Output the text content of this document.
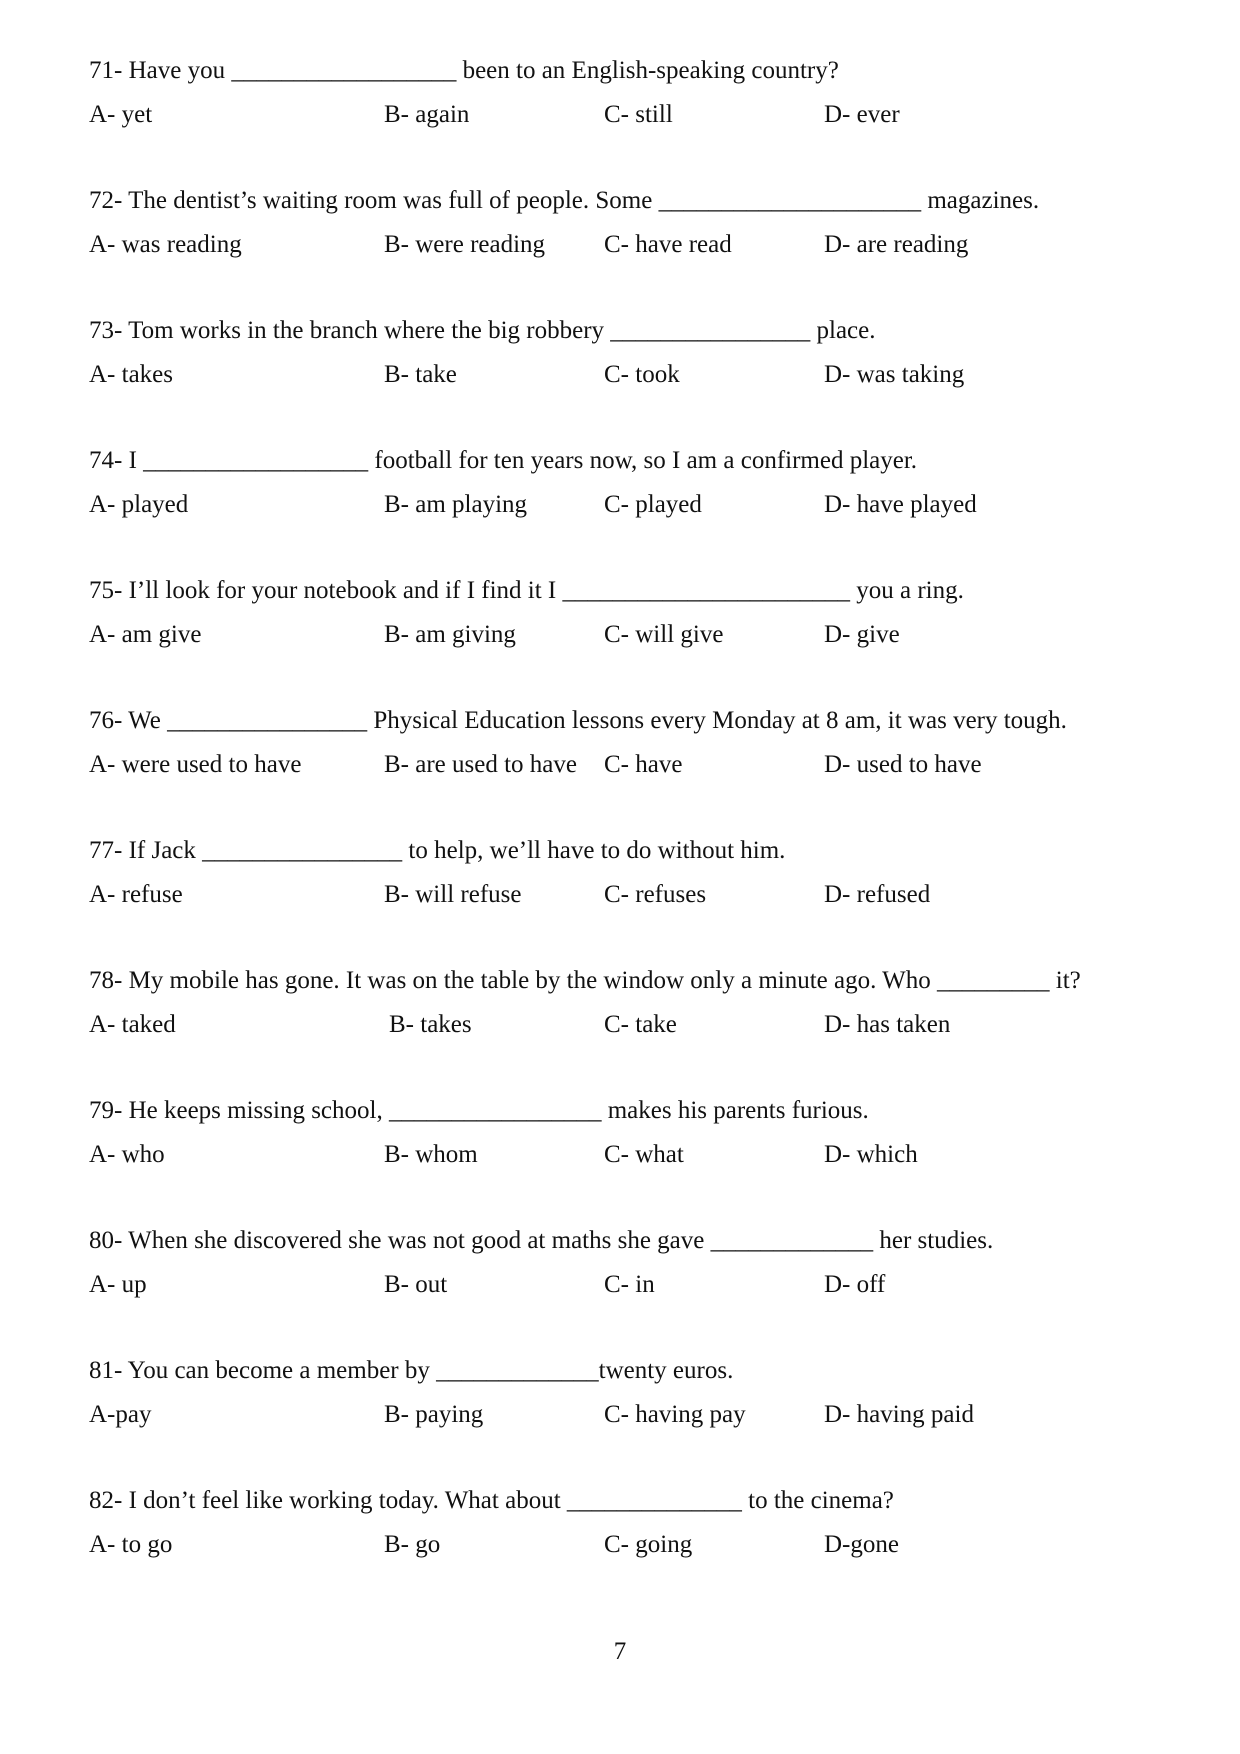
71- Have you __________________ been to an English-speaking country?
A- yet	B- again	C- still	D- ever
72- The dentist’s waiting room was full of people. Some _____________________ magazines.
A- was reading	B- were reading C- have read	D- are reading
73- Tom works in the branch where the big robbery ________________ place.
A- takes	B- take	C- took	D- was taking
74- I __________________ football for ten years now, so I am a confirmed player.
A- played	B- am playing	C- played	D- have played
75- I’ll look for your notebook and if I find it I _______________________ you a ring.
A- am give	B- am giving	C- will give	D- give
76- We ________________ Physical Education lessons every Monday at 8 am, it was very tough.
A- were used to have	B- are used to have C- have	D- used to have
77- If Jack ________________ to help, we’ll have to do without him.
A- refuse	B- will refuse	C- refuses	D- refused
78- My mobile has gone. It was on the table by the window only a minute ago. Who _________ it?
A- taked	B- takes	C- take	D- has taken
79- He keeps missing school, _________________ makes his parents furious.
A- who	B- whom	C- what	D- which
80- When she discovered she was not good at maths she gave _____________ her studies.
A- up	B- out	C- in	D- off
81- You can become a member by _____________twenty euros.
A-pay	B- paying	C- having pay	D- having paid
82- I don’t feel like working today. What about ______________ to the cinema?
A- to go	B- go	C- going	D-gone
7
